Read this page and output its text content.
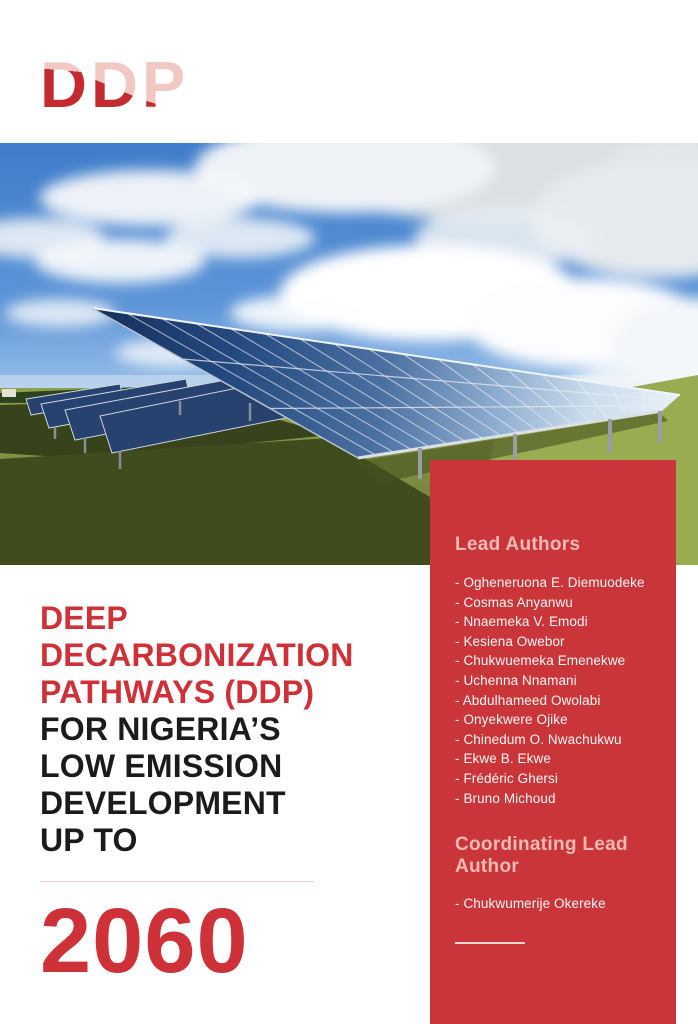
DDP
DEEP
DECARBONIZATION
PATHWAYS (DDP)
FOR NIGERIA’S
LOW EMISSION
DEVELOPMENT
UP TO
2060
Lead Authors
- Ogheneruona E. Diemuodeke
- Cosmas Anyanwu
- Nnaemeka V. Emodi
- Kesiena Owebor
- Chukwuemeka Emenekwe
- Uchenna Nnamani
- Abdulhameed Owolabi
- Onyekwere Ojike
- Chinedum O. Nwachukwu
- Ekwe B. Ekwe
- Frédéric Ghersi
- Bruno Michoud
Coordinating Lead Author
- Chukwumerije Okereke
